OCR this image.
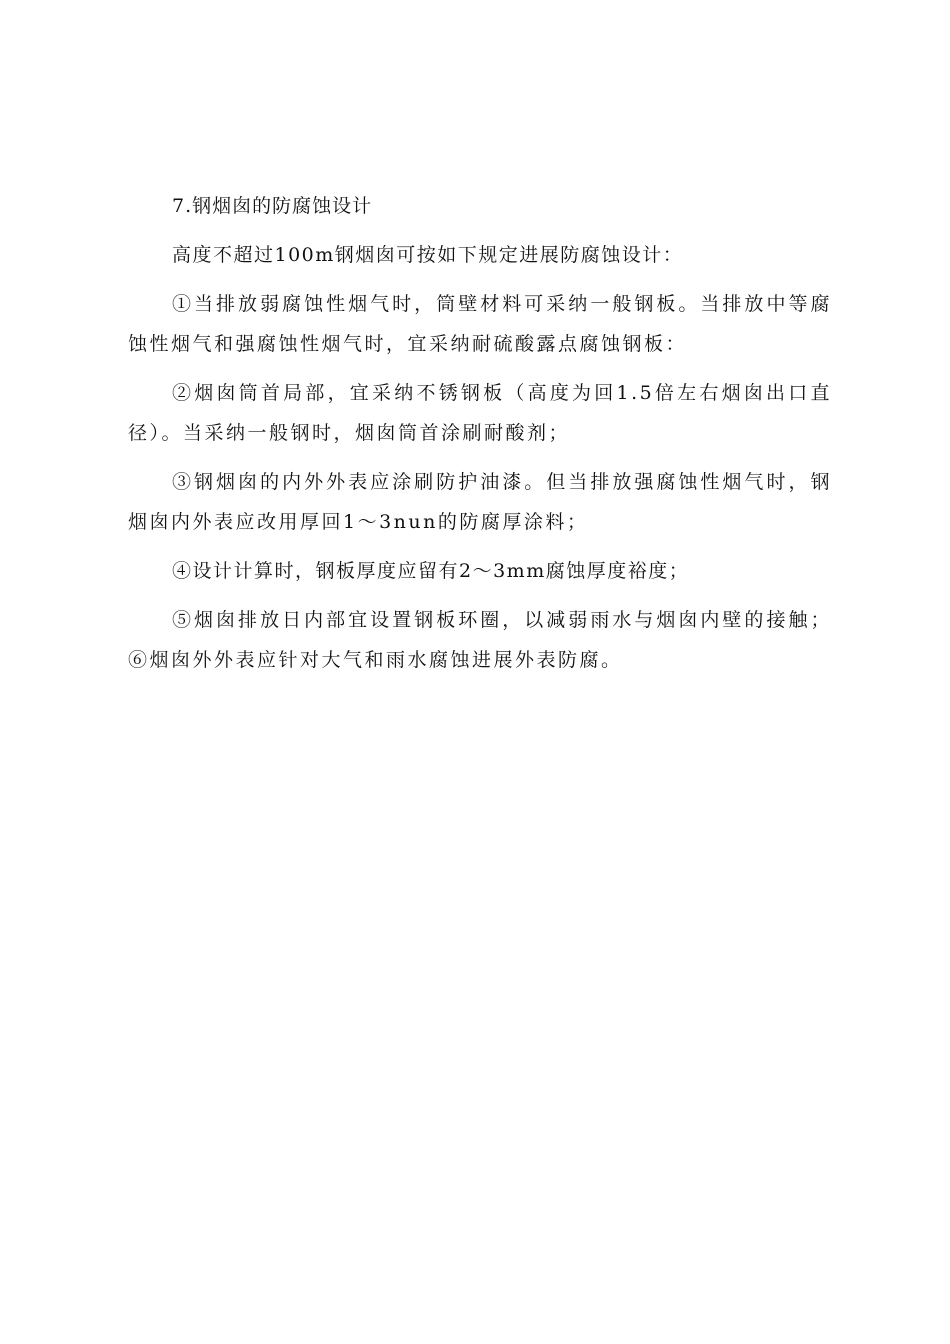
7.钢烟囱的防腐蚀设计

高度不超过100m钢烟囱可按如下规定进展防腐蚀设计：

①当排放弱腐蚀性烟气时，筒壁材料可采纳一般钢板。当排放中等腐蚀性烟气和强腐蚀性烟气时，宜采纳耐硫酸露点腐蚀钢板：

②烟囱筒首局部，宜采纳不锈钢板（高度为回1.5倍左右烟囱出口直径）。当采纳一般钢时，烟囱筒首涂刷耐酸剂；

③钢烟囱的内外外表应涂刷防护油漆。但当排放强腐蚀性烟气时，钢烟囱内外表应改用厚回1～3nun的防腐厚涂料；

④设计计算时，钢板厚度应留有2～3mm腐蚀厚度裕度；

⑤烟囱排放日内部宜设置钢板环圈，以减弱雨水与烟囱内壁的接触；⑥烟囱外外表应针对大气和雨水腐蚀进展外表防腐。
